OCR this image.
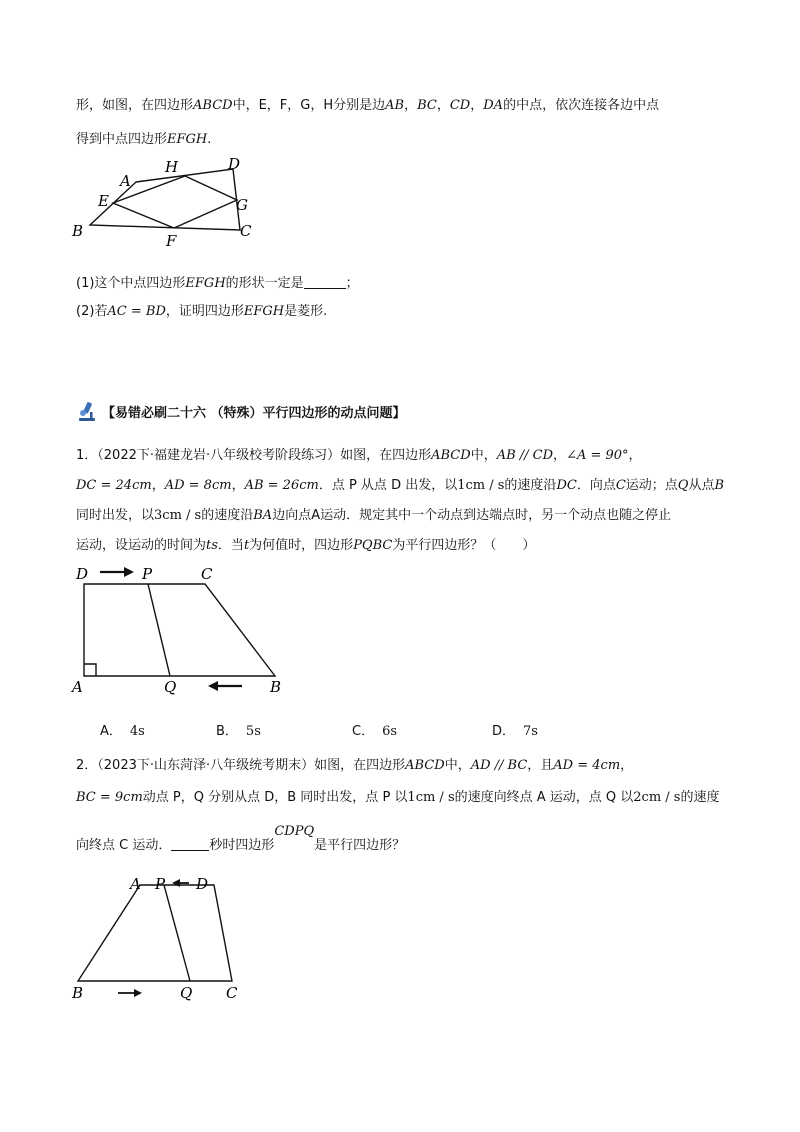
形，如图，在四边形ABCD中，E，F，G，H分别是边AB，BC，CD，DA的中点，依次连接各边中点
得到中点四边形EFGH.
A
H	D
E	G
B
F
C
(1)这个中点四边形EFGH的形状一定是	；
(2)若AC = BD，证明四边形EFGH是菱形.
【易错必刷二十六 （特殊）平行四边形的动点问题】
1．（2022下·福建龙岩·八年级校考阶段练习）如图，在四边形ABCD中，AB // CD，∠A = 90°，
DC = 24cm，AD = 8cm，AB = 26cm．点 P 从点 D 出发，以1cm / s的速度沿DC．向点C运动；点Q从点B
同时出发，以3cm / s的速度沿BA边向点A运动．规定其中一个动点到达端点时，另一个动点也随之停止
运动，设运动的时间为ts．当t为何值时，四边形PQBC为平行四边形？（　　）
D	P	C
A	Q	B
A． 4s	B． 5s	C． 6s	D． 7s
2．（2023下·山东菏泽·八年级统考期末）如图，在四边形ABCD中，AD // BC，且AD = 4cm，
BC = 9cm动点 P，Q 分别从点 D，B 同时出发，点 P 以1cm / s的速度向终点 A 运动，点 Q 以2cm / s的速度
向终点 C 运动．	秒时四边形CDPQ是平行四边形？
A P D
B	Q C
